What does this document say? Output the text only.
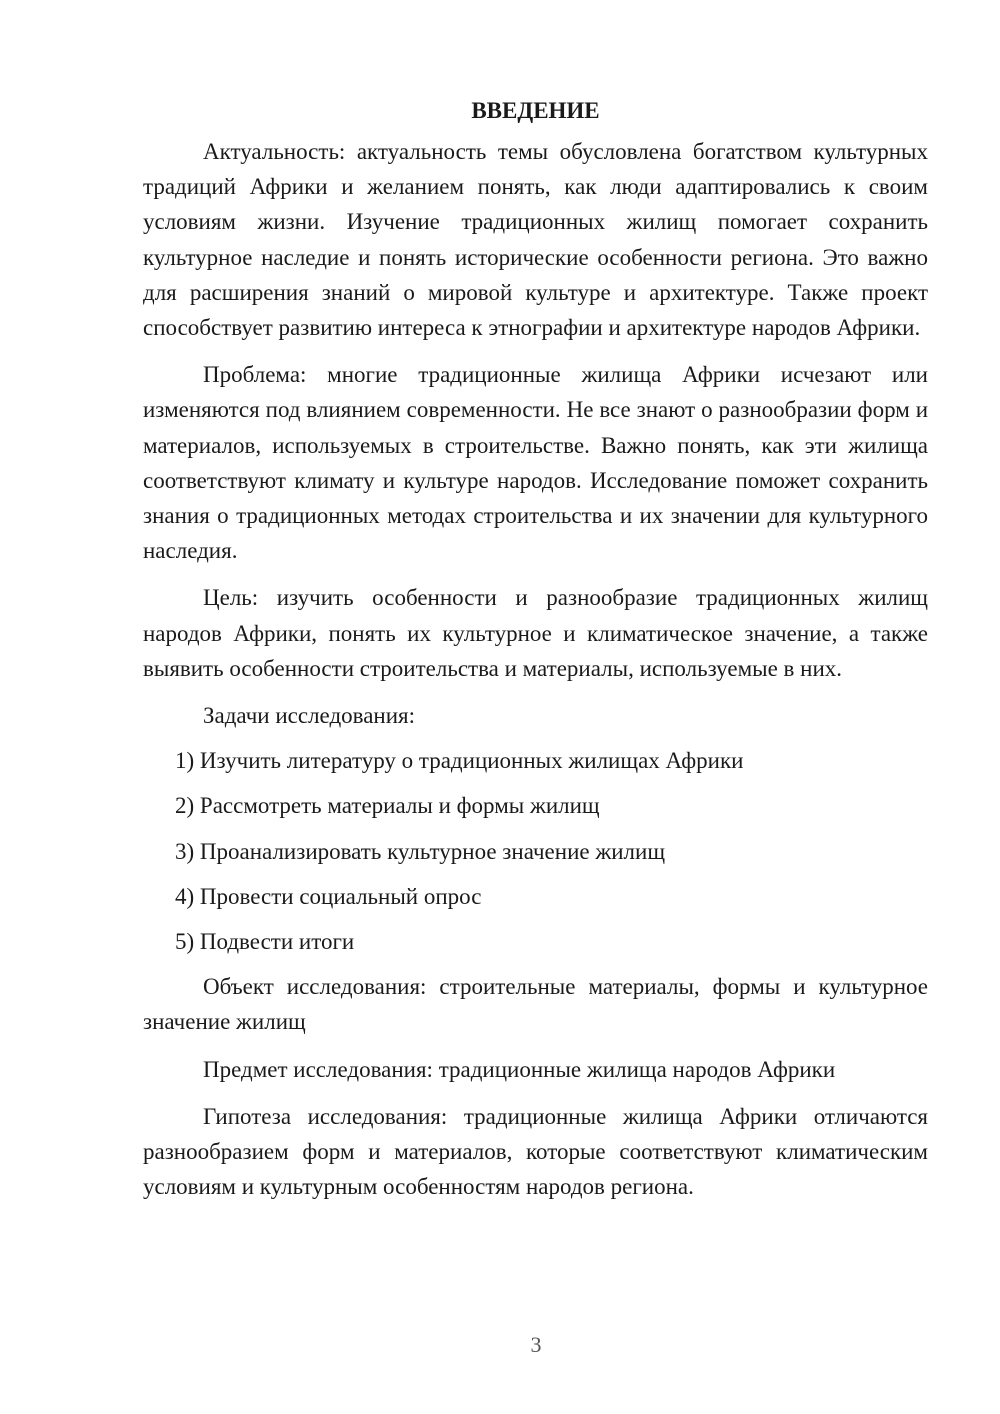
ВВЕДЕНИЕ

Актуальность: актуальность темы обусловлена богатством культурных традиций Африки и желанием понять, как люди адаптировались к своим условиям жизни. Изучение традиционных жилищ помогает сохранить культурное наследие и понять исторические особенности региона. Это важно для расширения знаний о мировой культуре и архитектуре. Также проект способствует развитию интереса к этнографии и архитектуре народов Африки.

Проблема: многие традиционные жилища Африки исчезают или изменяются под влиянием современности. Не все знают о разнообразии форм и материалов, используемых в строительстве. Важно понять, как эти жилища соответствуют климату и культуре народов. Исследование поможет сохранить знания о традиционных методах строительства и их значении для культурного наследия.

Цель: изучить особенности и разнообразие традиционных жилищ народов Африки, понять их культурное и климатическое значение, а также выявить особенности строительства и материалы, используемые в них.

Задачи исследования:

1) Изучить литературу о традиционных жилищах Африки
2) Рассмотреть материалы и формы жилищ
3) Проанализировать культурное значение жилищ
4) Провести социальный опрос
5) Подвести итоги

Объект исследования: строительные материалы, формы и культурное значение жилищ

Предмет исследования: традиционные жилища народов Африки

Гипотеза исследования: традиционные жилища Африки отличаются разнообразием форм и материалов, которые соответствуют климатическим условиям и культурным особенностям народов региона.

3
